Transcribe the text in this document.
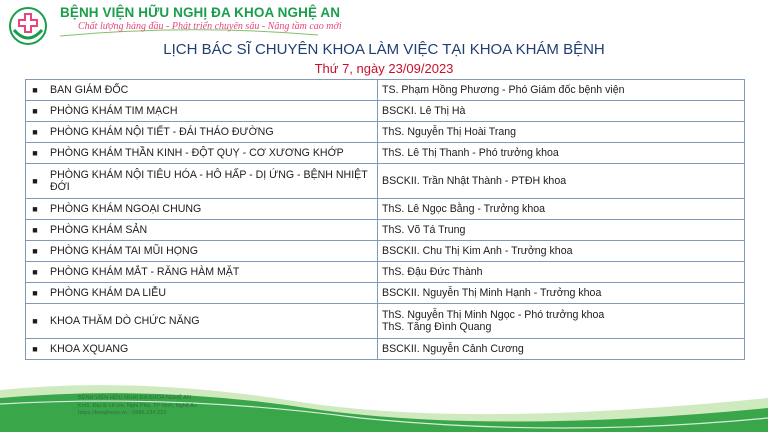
BỆNH VIỆN HỮU NGHỊ ĐA KHOA NGHỆ AN
Chất lượng hàng đầu - Phát triển chuyên sâu - Nâng tầm cao mới
LỊCH BÁC SĨ CHUYÊN KHOA LÀM VIỆC TẠI KHOA KHÁM BỆNH
Thứ 7, ngày 23/09/2023
■ BAN GIÁM ĐỐC	TS. Phạm Hồng Phương - Phó Giám đốc bệnh viện

■ PHÒNG KHÁM TIM MẠCH	BSCKI. Lê Thị Hà

■ PHÒNG KHÁM NỘI TIẾT - ĐÁI THÁO ĐƯỜNG	ThS. Nguyễn Thị Hoài Trang

■ PHÒNG KHÁM THẦN KINH - ĐỘT QUỴ - CƠ XƯƠNG KHỚP	ThS. Lê Thị Thanh - Phó trưởng khoa

■ PHÒNG KHÁM NỘI TIÊU HÓA - HÔ HẤP - DỊ ỨNG - BỆNH NHIỆT ĐỚI	BSCKII. Trần Nhật Thành - PTĐH khoa

■ PHÒNG KHÁM NGOẠI CHUNG	ThS. Lê Ngọc Bằng - Trưởng khoa

■ PHÒNG KHÁM SẢN	ThS. Võ Tá Trung

■ PHÒNG KHÁM TAI MŨI HỌNG	BSCKII. Chu Thị Kim Anh - Trưởng khoa

■ PHÒNG KHÁM MẮT - RĂNG HÀM MẶT	ThS. Đậu Đức Thành

■ PHÒNG KHÁM DA LIỄU	BSCKII. Nguyễn Thị Minh Hạnh - Trưởng khoa

■ KHOA THĂM DÒ CHỨC NĂNG	ThS. Nguyễn Thị Minh Ngọc - Phó trưởng khoa
ThS. Tăng Đình Quang

■ KHOA XQUANG	BSCKII. Nguyễn Cảnh Cương
BỆNH VIỆN HỮU NGHỊ ĐA KHOA NGHỆ AN
Km5, Đại lộ Lê nin, Nghi Phú, TP Vinh, Nghệ An
https://benghean.vn - 0886.234.222
